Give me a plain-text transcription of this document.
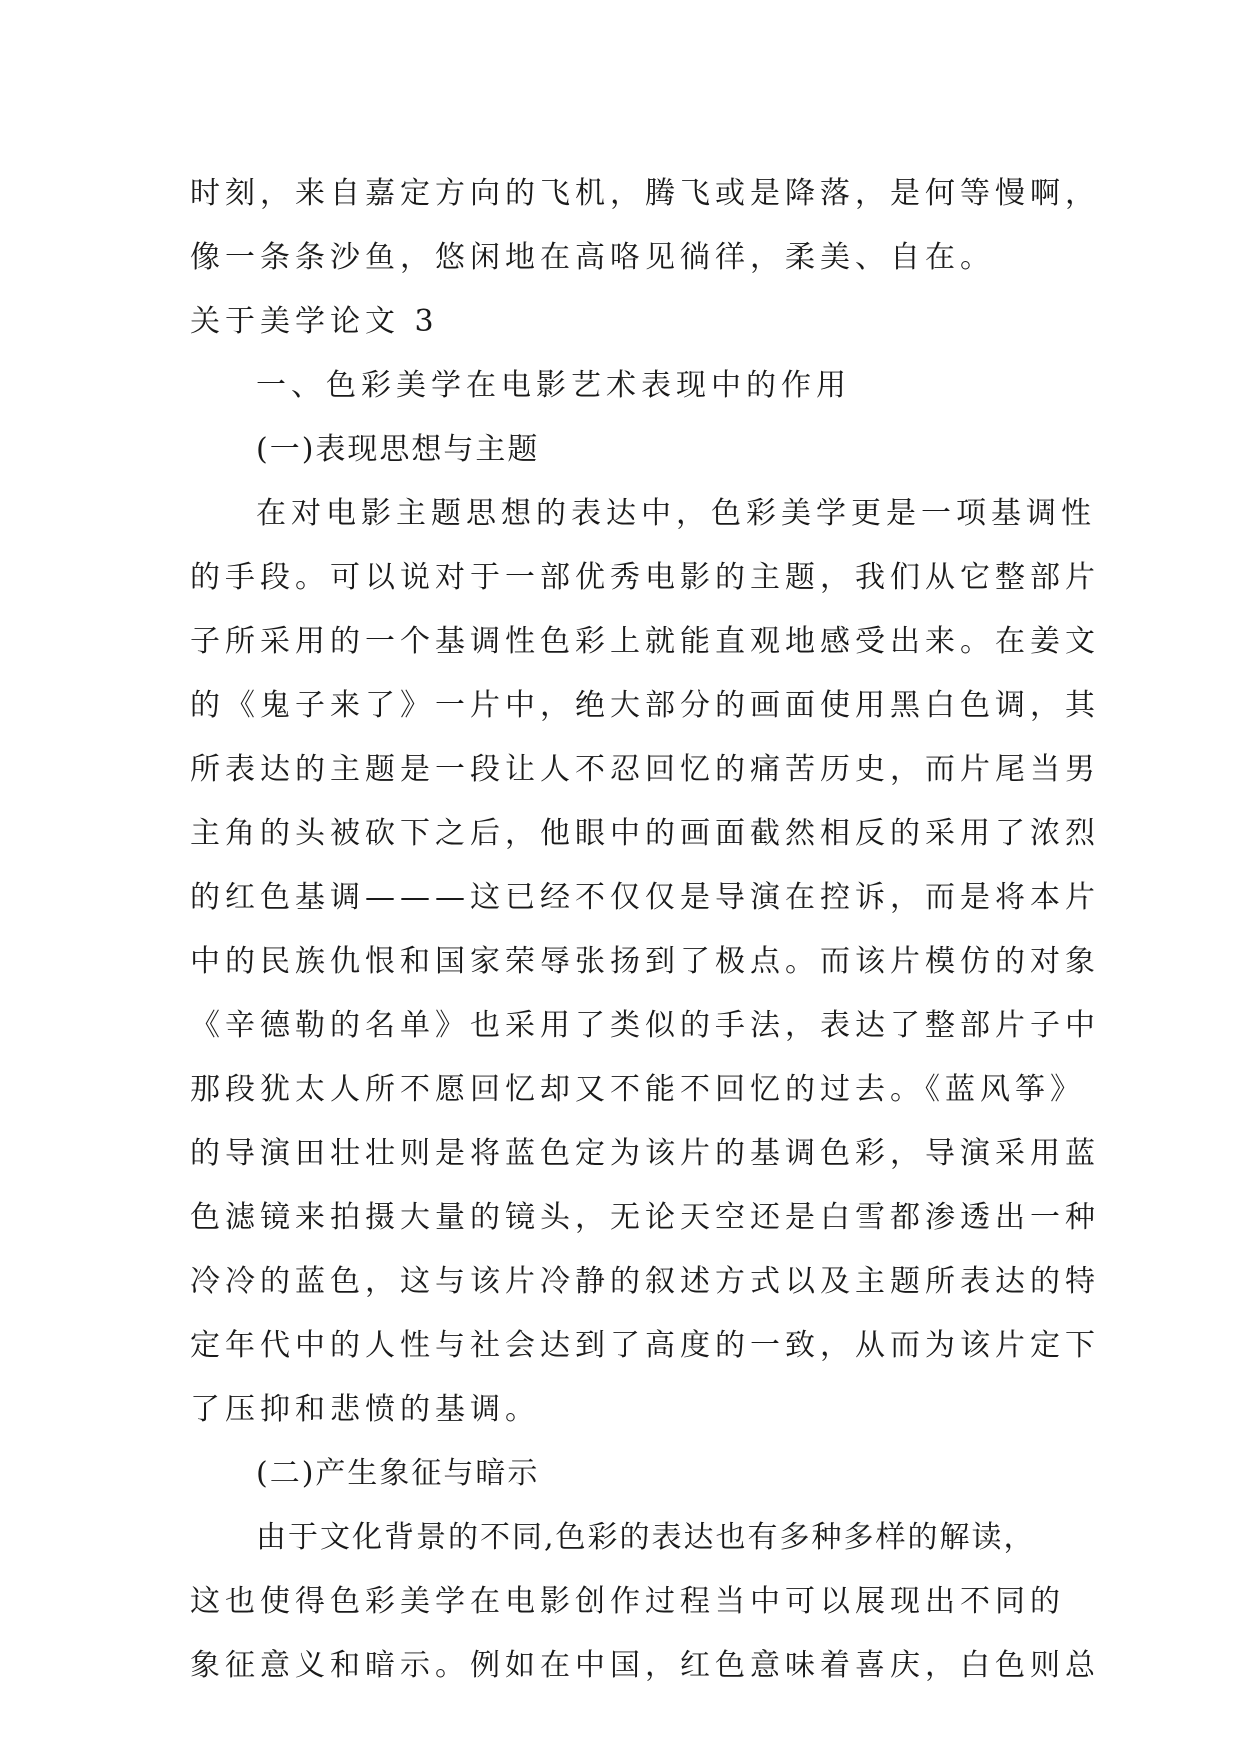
时刻，来自嘉定方向的飞机，腾飞或是降落，是何等慢啊，
像一条条沙鱼，悠闲地在高咯见徜徉，柔美、自在。
关于美学论文 3
一、色彩美学在电影艺术表现中的作用
(一)表现思想与主题
在对电影主题思想的表达中，色彩美学更是一项基调性
的手段。可以说对于一部优秀电影的主题，我们从它整部片
子所采用的一个基调性色彩上就能直观地感受出来。在姜文
的《鬼子来了》一片中，绝大部分的画面使用黑白色调，其
所表达的主题是一段让人不忍回忆的痛苦历史，而片尾当男
主角的头被砍下之后，他眼中的画面截然相反的采用了浓烈
的红色基调———这已经不仅仅是导演在控诉，而是将本片
中的民族仇恨和国家荣辱张扬到了极点。而该片模仿的对象
《辛德勒的名单》也采用了类似的手法，表达了整部片子中
那段犹太人所不愿回忆却又不能不回忆的过去。《蓝风筝》
的导演田壮壮则是将蓝色定为该片的基调色彩，导演采用蓝
色滤镜来拍摄大量的镜头，无论天空还是白雪都渗透出一种
冷冷的蓝色，这与该片冷静的叙述方式以及主题所表达的特
定年代中的人性与社会达到了高度的一致，从而为该片定下
了压抑和悲愤的基调。
(二)产生象征与暗示
由于文化背景的不同,色彩的表达也有多种多样的解读，
这也使得色彩美学在电影创作过程当中可以展现出不同的
象征意义和暗示。例如在中国，红色意味着喜庆，白色则总
